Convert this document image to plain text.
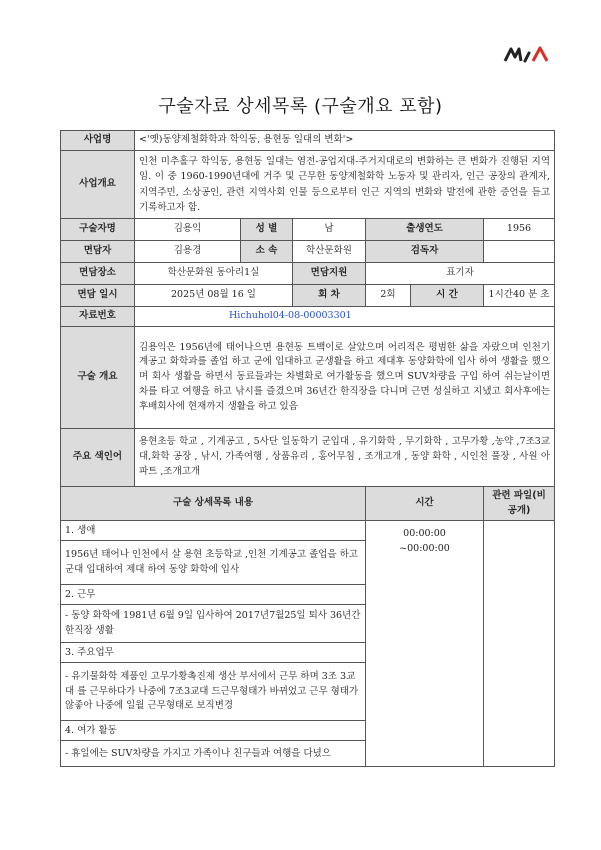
구술자료 상세목록 (구술개요 포함)
사업명	<'옛)동양제철화학과 학익동, 용현동 일대의 변화'>					
사업개요	인천 미추홀구 학익동, 용현동 일대는 염전-공업지대-주거지대로의 변화하는 큰 변화가 진행된 지역임. 이 중 1960-1990년대에 거주 및 근무한 동양제철화학 노동자 및 관리자, 인근 공장의 관계자, 지역주민, 소상공인, 관련 지역사회 인물 등으로부터 인근 지역의 변화와 발전에 관한 증언을 듣고 기록하고자 함.					
구술자명	김용익	성 별	남	출생연도		1956
면담자	김용경	소 속	학산문화원	검독자		
면담장소	학산문화원 동아리1실		면담지원	표기자		
면담 일시	2025년 08월 16 일		회 차	2회	시 간	1시간40 분 초
자료번호	Hichuhol04-08-00003301					
구술 개요	김용익은 1956년에 태어나으면 용현동 트백이로 살았으며 어리적은 평범한 삶을 자랐으며 인천기계공고 화학과를 졸업 하고 군에 입대하고 군생활을 하고 제대후 동양화학에 입사 하여 생활을 했으며 회사 생활을 하면서 동료들과는 차별화로 여가활동을 했으며 SUV차량을 구입 하여 쉬는날이면 차를 타고 여행을 하고 낚시를 즐겼으며 36년간 한직장을 다니며 근면 성실하고 지냈고 회사후에는 후배회사에 현재까지 생활을 하고 있음					
주요 색인어	용현초등 학교 , 기계공고 , 5사단 일동학기 군입대 , 유기화학 , 무기화학 , 고무가황 ,농약 ,7조3교대,화학 공장 , 낚시, 가족여행 , 상품유리 , 홍어무침 , 조개고개 , 동양 화학 , 시인천 풀장 , 사원 아파트 ,조개고개					
구술 상세목록 내용				시간		관련 파일(비공개)
1. 생애				00:00:00
~00:00:00		

1956년 태어나 인천에서 살 용현 초등학교 ,인천 기계공고 졸업을 하고 군대 입대하여 제대 하여 동양 화학에 입사						
2. 근무						
- 동양 화학에 1981년 6월 9일 입사하여 2017년7월25일 퇴사 36년간 한직장 생활						
3. 주요업무						
- 유기물화학 제품인 고무가황촉진제 생산 부서에서 근무 하며 3조 3교대 를 근무하다가 나중에 7조3교대 드근무형태가 바뀌었고 근무 형태가 않좋아 나중에 일월 근무형태로 보직변경						
4. 여가 활동						
- 휴일에는 SUV차량을 가지고 가족이나 친구들과 여행을 다녔으						
